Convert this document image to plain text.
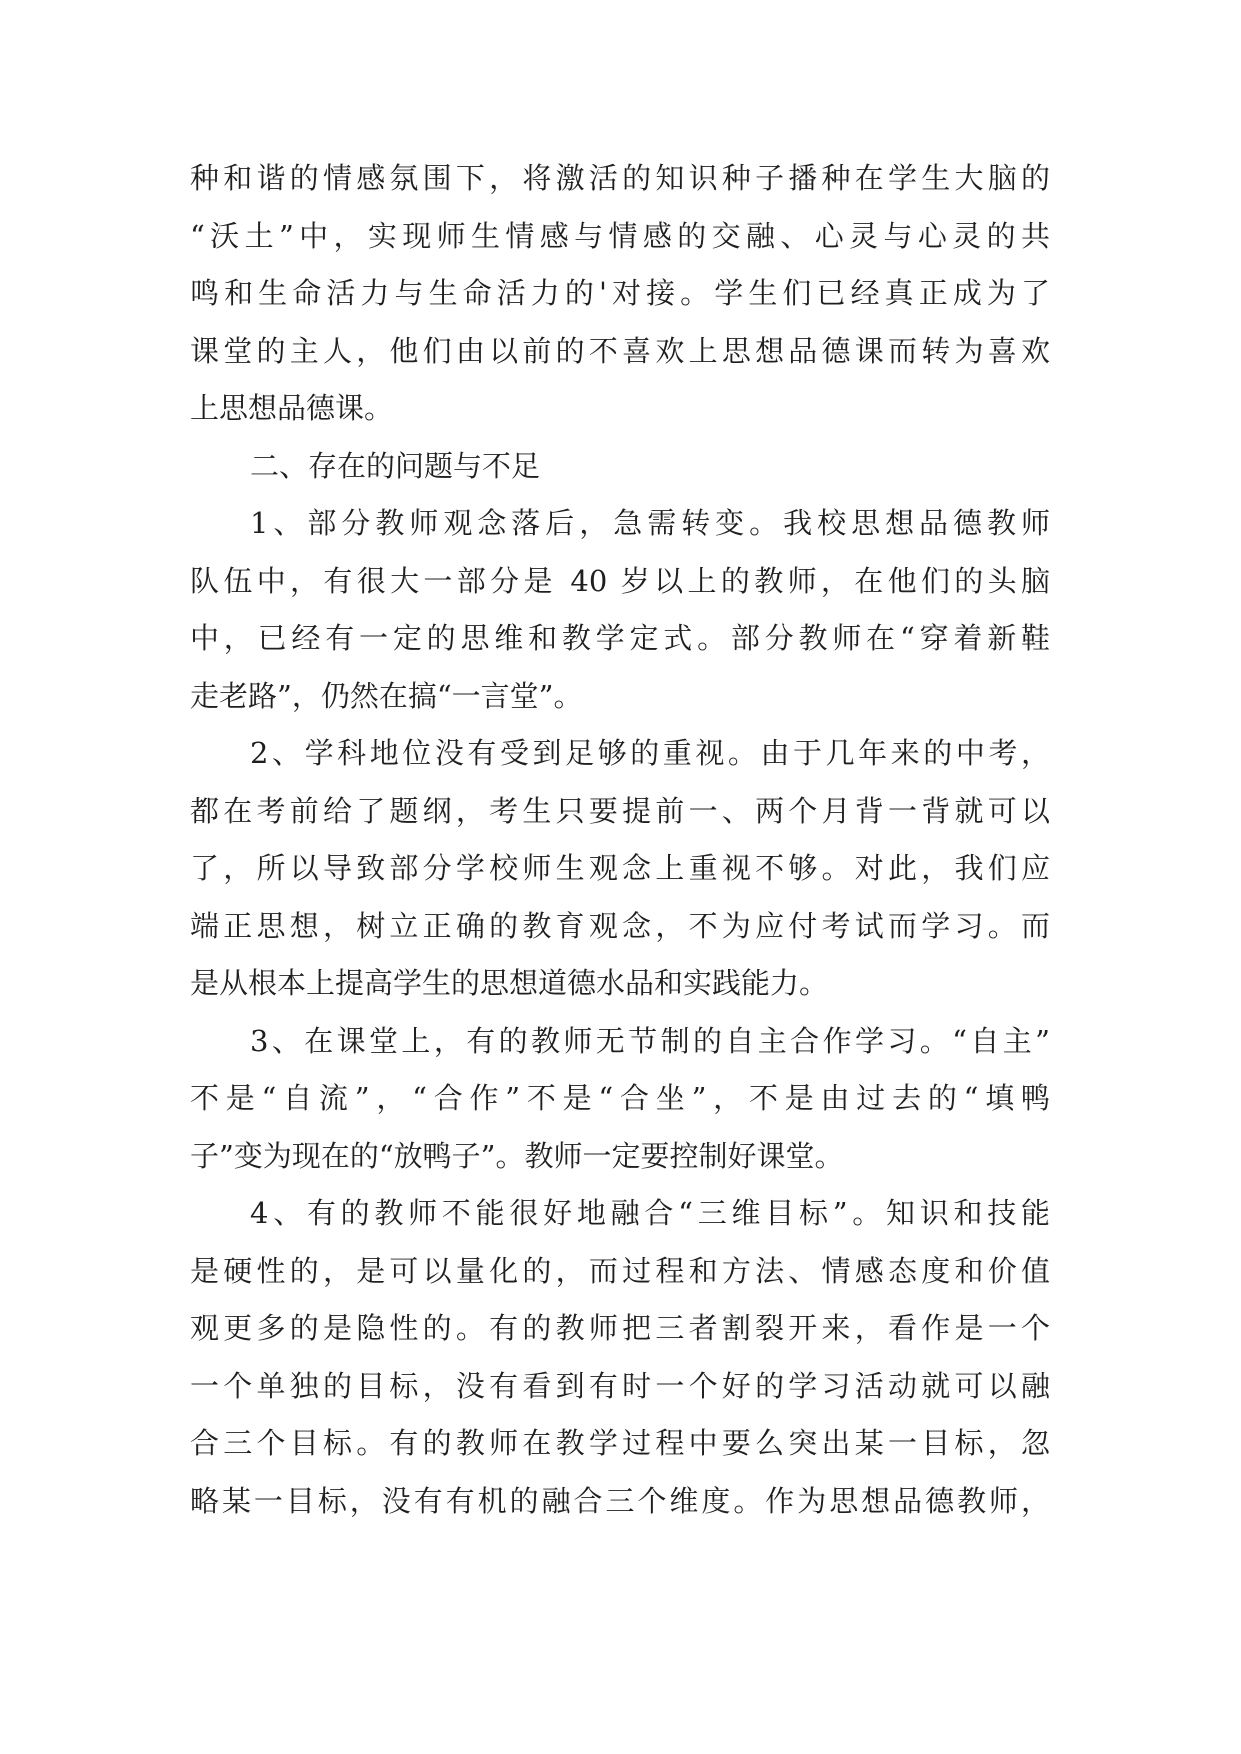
种和谐的情感氛围下，将激活的知识种子播种在学生大脑的
“沃土”中，实现师生情感与情感的交融、心灵与心灵的共
鸣和生命活力与生命活力的'对接。学生们已经真正成为了
课堂的主人，他们由以前的不喜欢上思想品德课而转为喜欢
上思想品德课。
二、存在的问题与不足
1、部分教师观念落后，急需转变。我校思想品德教师
队伍中，有很大一部分是 40 岁以上的教师，在他们的头脑
中，已经有一定的思维和教学定式。部分教师在“穿着新鞋
走老路”，仍然在搞“一言堂”。
2、学科地位没有受到足够的重视。由于几年来的中考，
都在考前给了题纲，考生只要提前一、两个月背一背就可以
了，所以导致部分学校师生观念上重视不够。对此，我们应
端正思想，树立正确的教育观念，不为应付考试而学习。而
是从根本上提高学生的思想道德水品和实践能力。
3、在课堂上，有的教师无节制的自主合作学习。“自主”
不是“自流”，“合作”不是“合坐”，不是由过去的“填鸭
子”变为现在的“放鸭子”。教师一定要控制好课堂。
4、有的教师不能很好地融合“三维目标”。知识和技能
是硬性的，是可以量化的，而过程和方法、情感态度和价值
观更多的是隐性的。有的教师把三者割裂开来，看作是一个
一个单独的目标，没有看到有时一个好的学习活动就可以融
合三个目标。有的教师在教学过程中要么突出某一目标，忽
略某一目标，没有有机的融合三个维度。作为思想品德教师，
